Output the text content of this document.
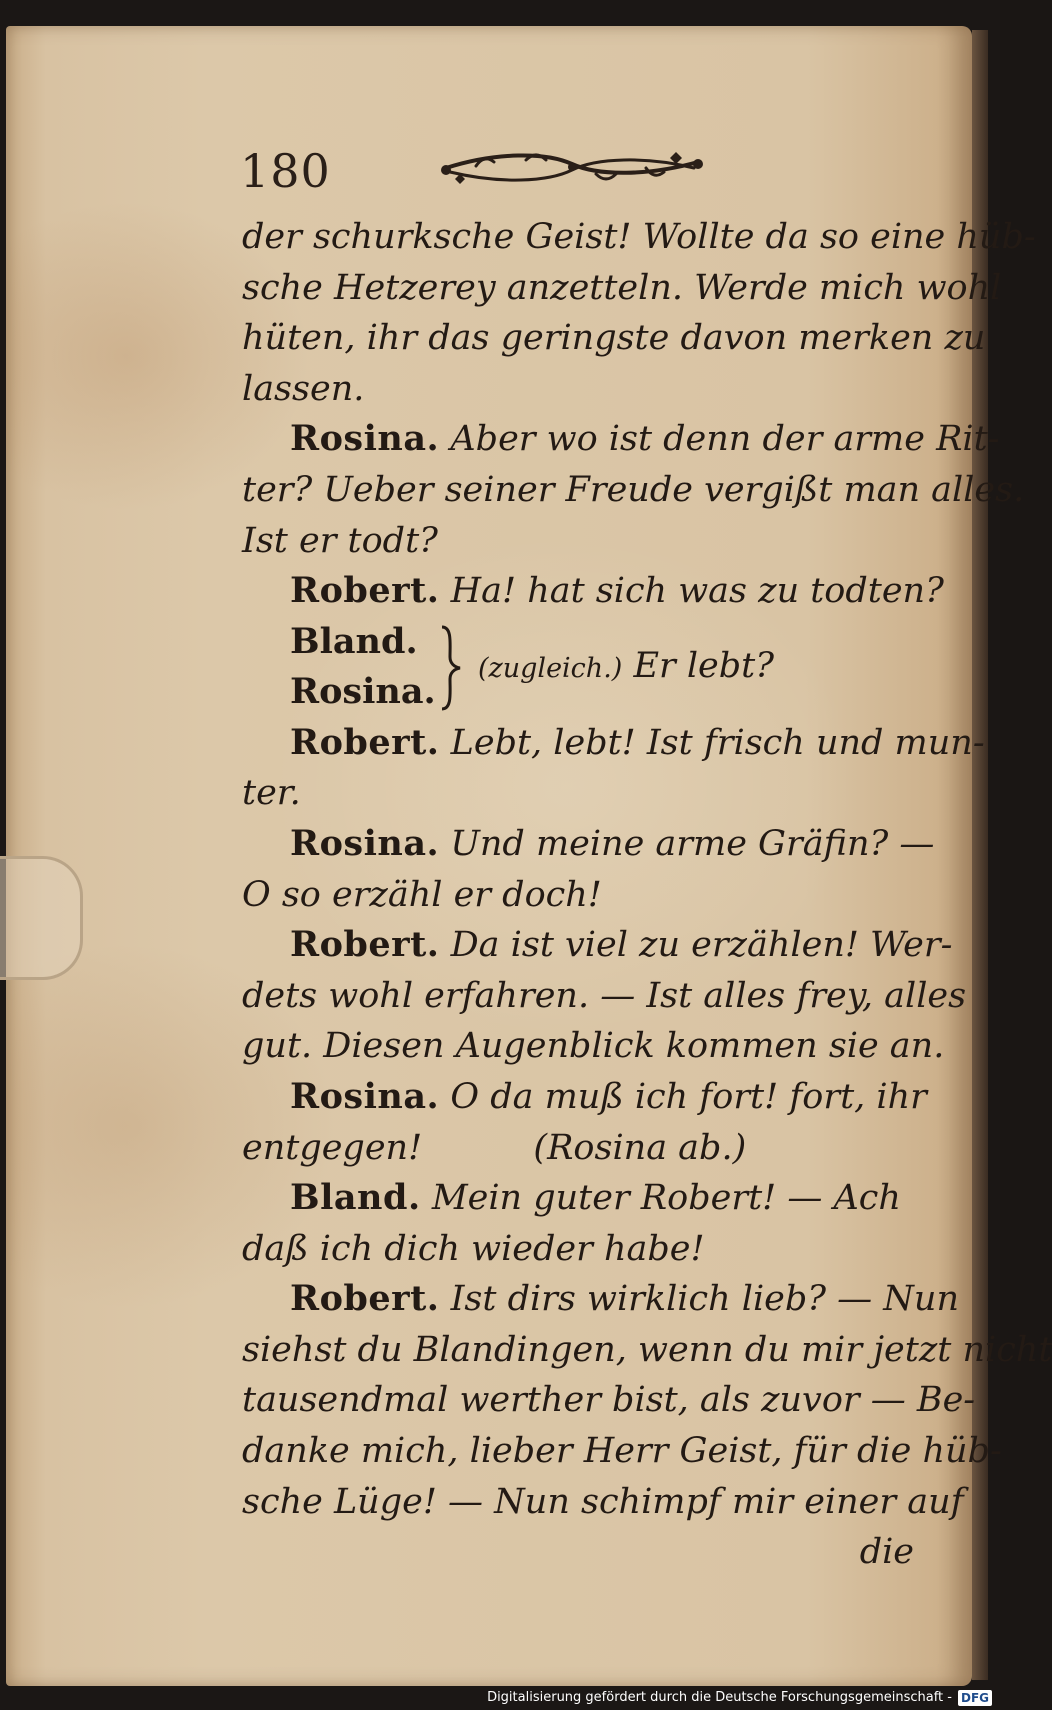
180
der schurksche Geist! Wollte da so eine hüb-
sche Hetzerey anzetteln. Werde mich wohl
hüten, ihr das geringste davon merken zu
lassen.
Rosina. Aber wo ist denn der arme Rit-
ter? Ueber seiner Freude vergißt man alles.
Ist er todt?
Robert. Ha! hat sich was zu todten?
Bland.
Rosina.
(zugleich.) Er lebt?
Robert. Lebt, lebt! Ist frisch und mun-
ter.
Rosina. Und meine arme Gräfin? —
O so erzähl er doch!
Robert. Da ist viel zu erzählen! Wer-
dets wohl erfahren. — Ist alles frey, alles
gut. Diesen Augenblick kommen sie an.
Rosina. O da muß ich fort! fort, ihr
entgegen!          (Rosina ab.)
Bland. Mein guter Robert! — Ach
daß ich dich wieder habe!
Robert. Ist dirs wirklich lieb? — Nun
siehst du Blandingen, wenn du mir jetzt nicht
tausendmal werther bist, als zuvor — Be-
danke mich, lieber Herr Geist, für die hüb-
sche Lüge! — Nun schimpf mir einer auf
die
Digitalisierung gefördert durch die Deutsche Forschungsgemeinschaft - DFG
